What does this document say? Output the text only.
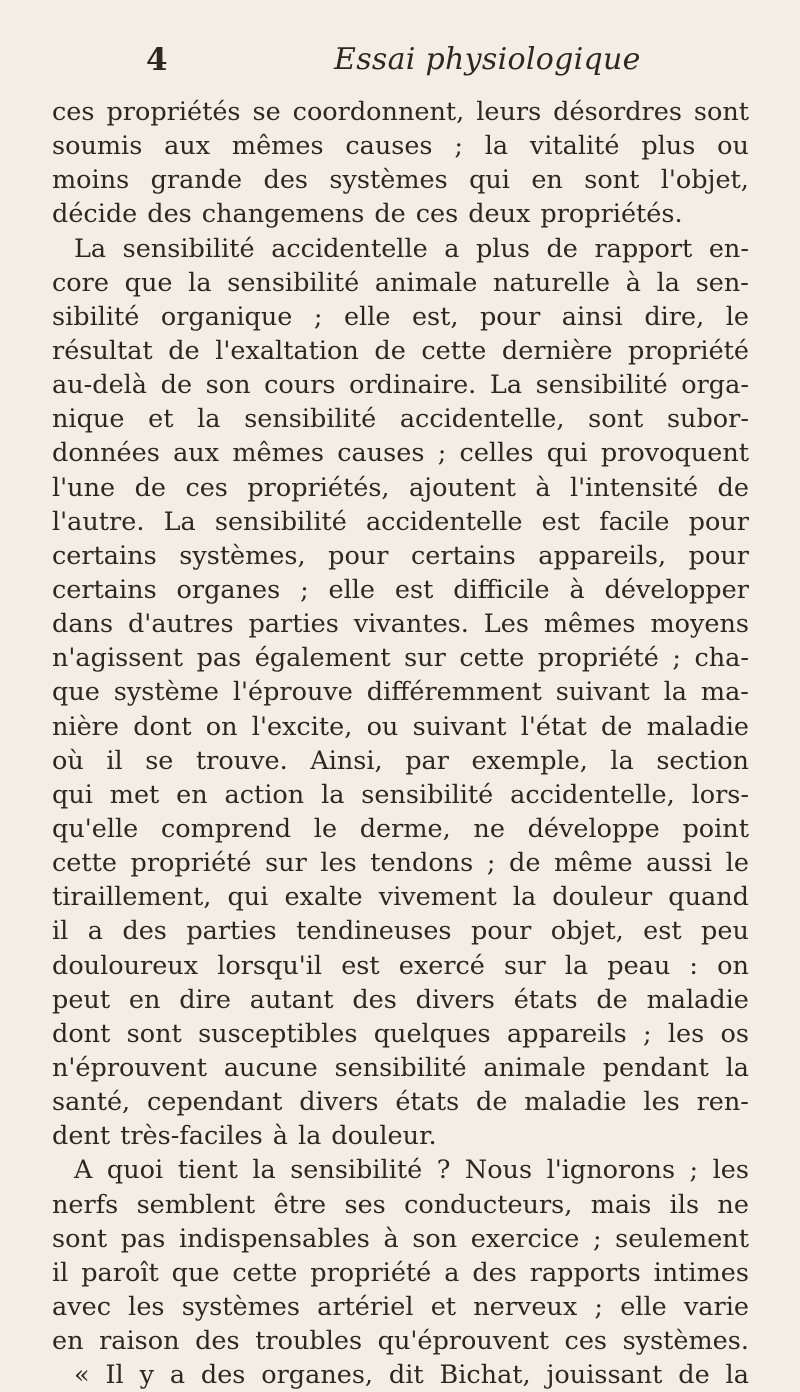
4	Essai physiologique
ces propriétés se coordonnent, leurs désordres sont
soumis aux mêmes causes ; la vitalité plus ou
moins grande des systèmes qui en sont l'objet,
décide des changemens de ces deux propriétés.
La sensibilité accidentelle a plus de rapport en-
core que la sensibilité animale naturelle à la sen-
sibilité organique ; elle est, pour ainsi dire, le
résultat de l'exaltation de cette dernière propriété
au-delà de son cours ordinaire. La sensibilité orga-
nique et la sensibilité accidentelle, sont subor-
données aux mêmes causes ; celles qui provoquent
l'une de ces propriétés, ajoutent à l'intensité de
l'autre. La sensibilité accidentelle est facile pour
certains systèmes, pour certains appareils, pour
certains organes ; elle est difficile à développer
dans d'autres parties vivantes. Les mêmes moyens
n'agissent pas également sur cette propriété ; cha-
que système l'éprouve différemment suivant la ma-
nière dont on l'excite, ou suivant l'état de maladie
où il se trouve. Ainsi, par exemple, la section
qui met en action la sensibilité accidentelle, lors-
qu'elle comprend le derme, ne développe point
cette propriété sur les tendons ; de même aussi le
tiraillement, qui exalte vivement la douleur quand
il a des parties tendineuses pour objet, est peu
douloureux lorsqu'il est exercé sur la peau : on
peut en dire autant des divers états de maladie
dont sont susceptibles quelques appareils ; les os
n'éprouvent aucune sensibilité animale pendant la
santé, cependant divers états de maladie les ren-
dent très-faciles à la douleur.
A quoi tient la sensibilité ? Nous l'ignorons ; les
nerfs semblent être ses conducteurs, mais ils ne
sont pas indispensables à son exercice ; seulement
il paroît que cette propriété a des rapports intimes
avec les systèmes artériel et nerveux ; elle varie
en raison des troubles qu'éprouvent ces systèmes.
« Il y a des organes, dit Bichat, jouissant de la
